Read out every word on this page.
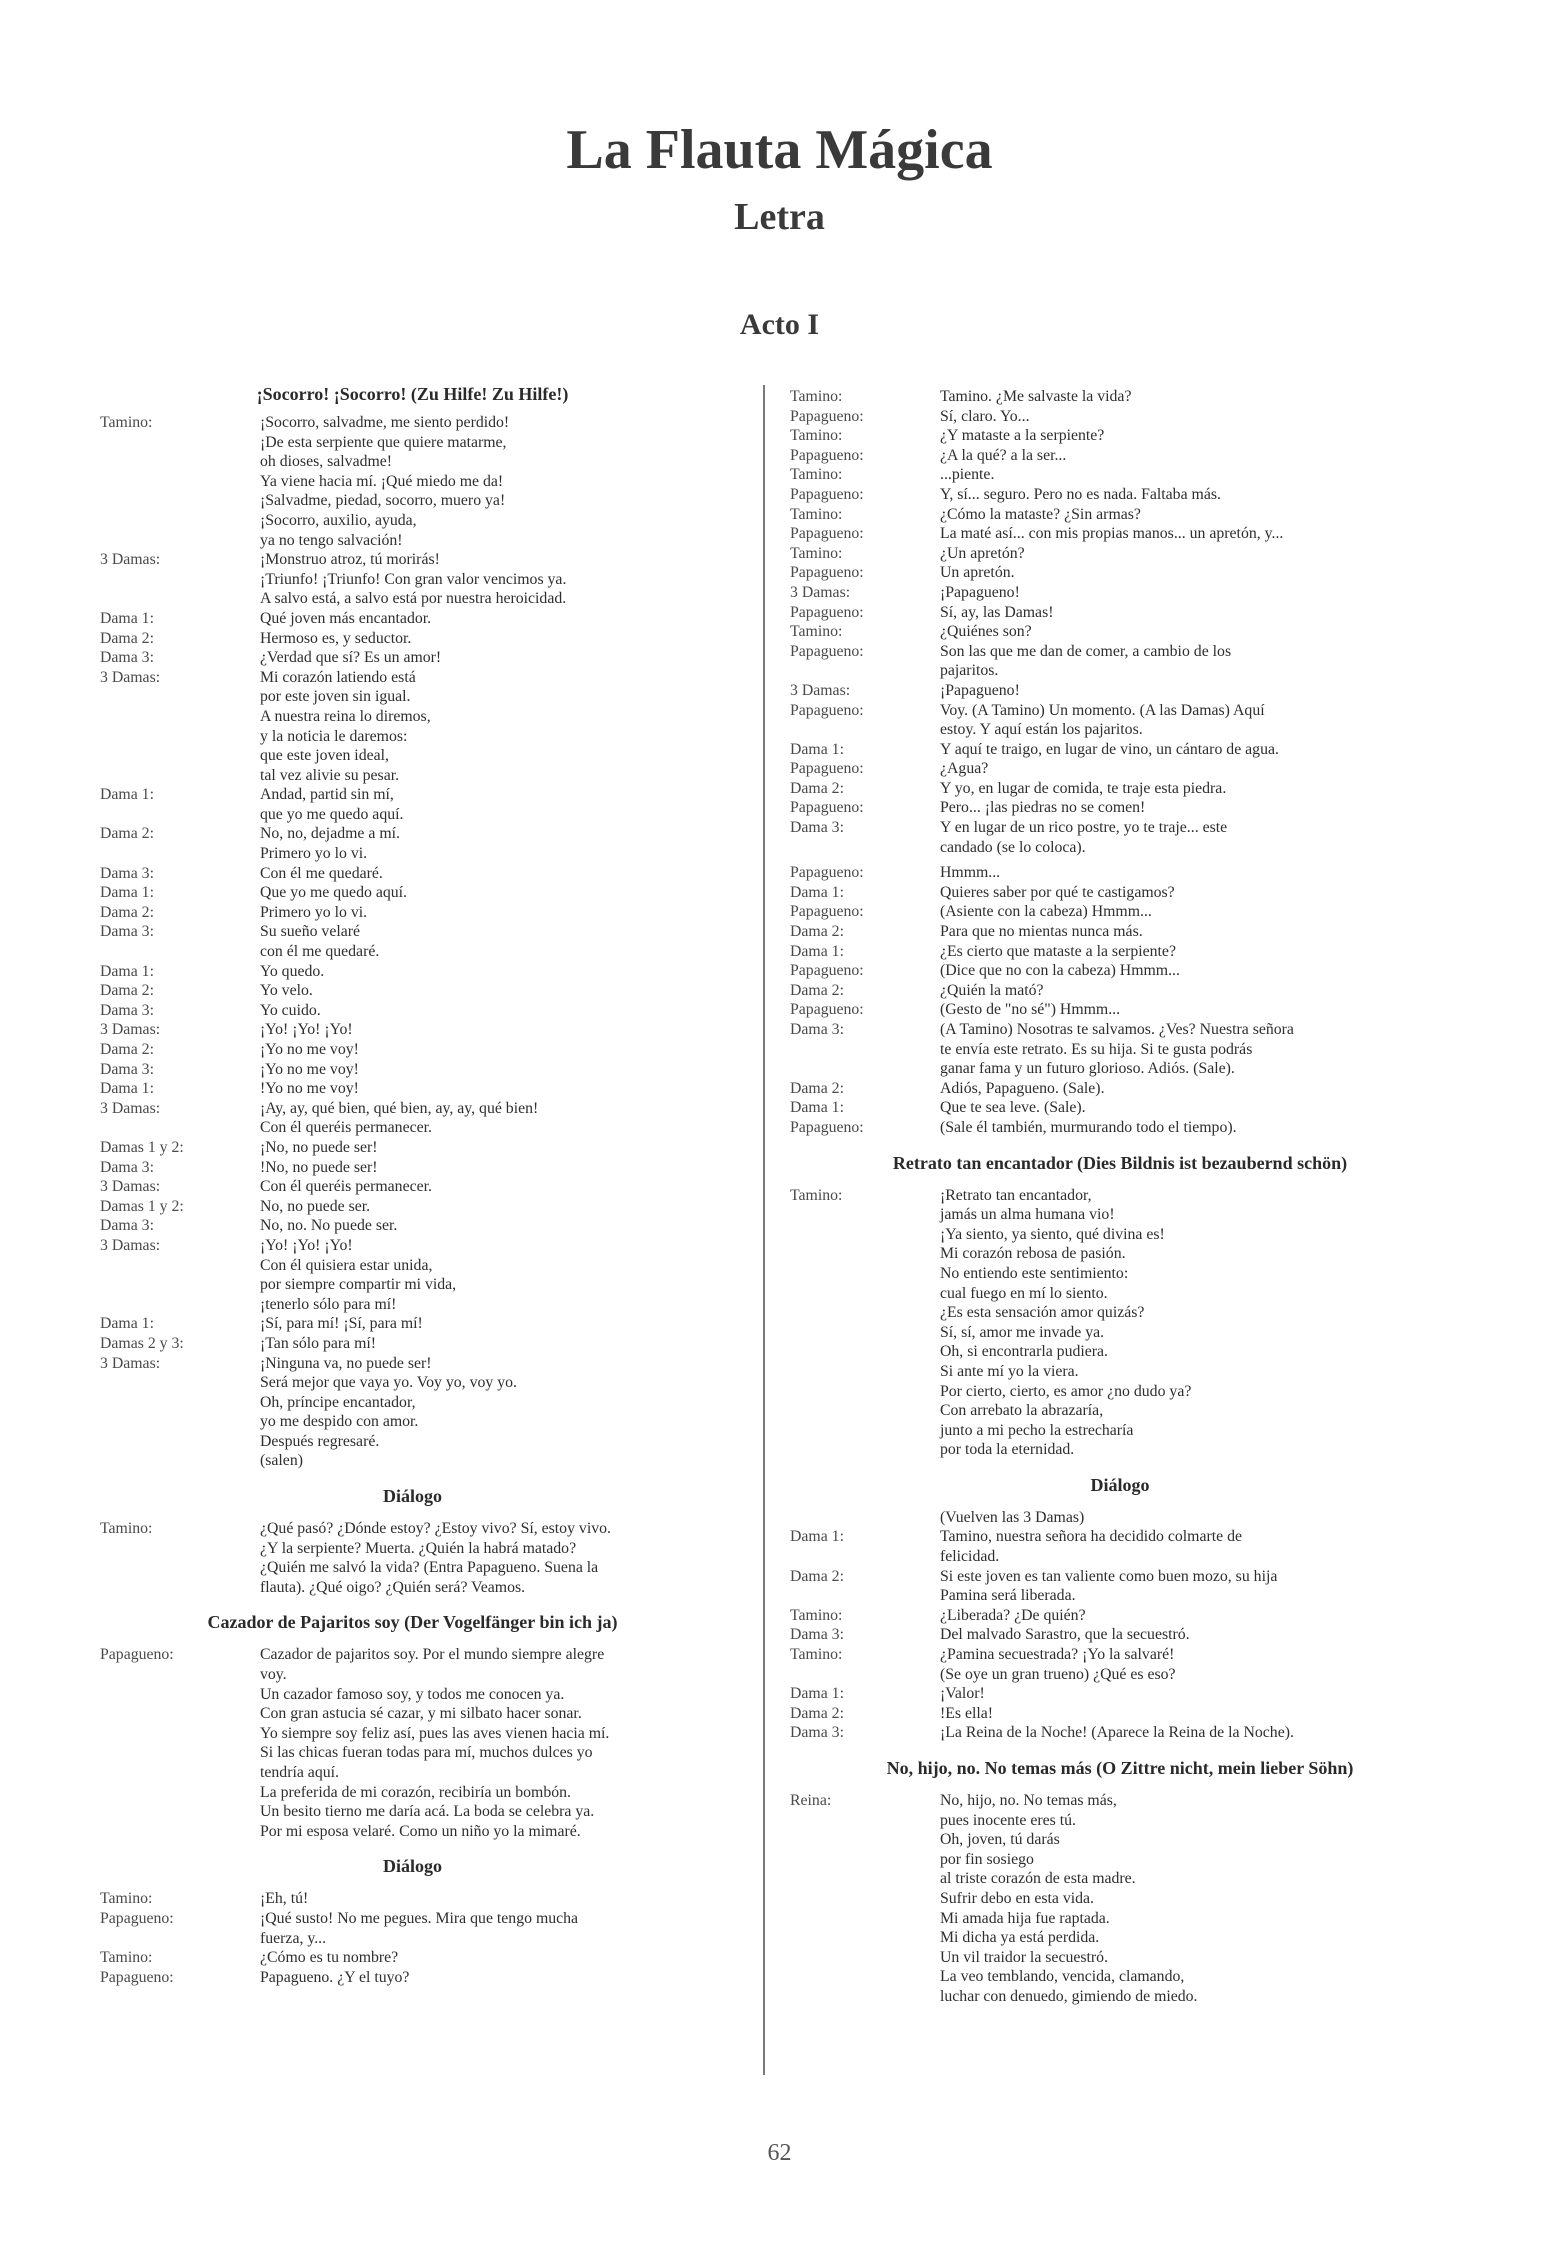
La Flauta Mágica
Letra
Acto I
¡Socorro! ¡Socorro! (Zu Hilfe! Zu Hilfe!)
Tamino:	¡Socorro, salvadme, me siento perdido!
¡De esta serpiente que quiere matarme,
oh dioses, salvadme!
Ya viene hacia mí. ¡Qué miedo me da!
¡Salvadme, piedad, socorro, muero ya!
¡Socorro, auxilio, ayuda,
ya no tengo salvación!
3 Damas:	¡Monstruo atroz, tú morirás!
¡Triunfo! ¡Triunfo! Con gran valor vencimos ya.
A salvo está, a salvo está por nuestra heroicidad.
Dama 1:	Qué joven más encantador.
Dama 2:	Hermoso es, y seductor.
Dama 3:	¿Verdad que sí? Es un amor!
3 Damas:	Mi corazón latiendo está
por este joven sin igual.
A nuestra reina lo diremos,
y la noticia le daremos:
que este joven ideal,
tal vez alivie su pesar.
Dama 1:	Andad, partid sin mí,
que yo me quedo aquí.
Dama 2:	No, no, dejadme a mí.
Primero yo lo vi.
Dama 3:	Con él me quedaré.
Dama 1:	Que yo me quedo aquí.
Dama 2:	Primero yo lo vi.
Dama 3:	Su sueño velaré
con él me quedaré.
Dama 1:	Yo quedo.
Dama 2:	Yo velo.
Dama 3:	Yo cuido.
3 Damas:	¡Yo! ¡Yo! ¡Yo!
Dama 2:	¡Yo no me voy!
Dama 3:	¡Yo no me voy!
Dama 1:	!Yo no me voy!
3 Damas:	¡Ay, ay, qué bien, qué bien, ay, ay, qué bien!
Con él queréis permanecer.
Damas 1 y 2:	¡No, no puede ser!
Dama 3:	!No, no puede ser!
3 Damas:	Con él queréis permanecer.
Damas 1 y 2:	No, no puede ser.
Dama 3:	No, no. No puede ser.
3 Damas:	¡Yo! ¡Yo! ¡Yo!
Con él quisiera estar unida,
por siempre compartir mi vida,
¡tenerlo sólo para mí!
Dama 1:	¡Sí, para mí! ¡Sí, para mí!
Damas 2 y 3:	¡Tan sólo para mí!
3 Damas:	¡Ninguna va, no puede ser!
Será mejor que vaya yo. Voy yo, voy yo.
Oh, príncipe encantador,
yo me despido con amor.
Después regresaré.
(salen)
Diálogo
Tamino:	¿Qué pasó? ¿Dónde estoy? ¿Estoy vivo? Sí, estoy vivo.
¿Y la serpiente? Muerta. ¿Quién la habrá matado?
¿Quién me salvó la vida? (Entra Papagueno. Suena la
flauta). ¿Qué oigo? ¿Quién será? Veamos.
Cazador de Pajaritos soy (Der Vogelfänger bin ich ja)
Papagueno:	Cazador de pajaritos soy. Por el mundo siempre alegre
voy.
Un cazador famoso soy, y todos me conocen ya.
Con gran astucia sé cazar, y mi silbato hacer sonar.
Yo siempre soy feliz así, pues las aves vienen hacia mí.
Si las chicas fueran todas para mí, muchos dulces yo
tendría aquí.
La preferida de mi corazón, recibiría un bombón.
Un besito tierno me daría acá. La boda se celebra ya.
Por mi esposa velaré. Como un niño yo la mimaré.
Diálogo
Tamino:	¡Eh, tú!
Papagueno:	¡Qué susto! No me pegues. Mira que tengo mucha
fuerza, y...
Tamino:	¿Cómo es tu nombre?
Papagueno:	Papagueno. ¿Y el tuyo?
Tamino:	Tamino. ¿Me salvaste la vida?
Papagueno:	Sí, claro. Yo...
Tamino:	¿Y mataste a la serpiente?
Papagueno:	¿A la qué? a la ser...
Tamino:	...piente.
Papagueno:	Y, sí... seguro. Pero no es nada. Faltaba más.
Tamino:	¿Cómo la mataste? ¿Sin armas?
Papagueno:	La maté así... con mis propias manos... un apretón, y...
Tamino:	¿Un apretón?
Papagueno:	Un apretón.
3 Damas:	¡Papagueno!
Papagueno:	Sí, ay, las Damas!
Tamino:	¿Quiénes son?
Papagueno:	Son las que me dan de comer, a cambio de los
pajaritos.
3 Damas:	¡Papagueno!
Papagueno:	Voy. (A Tamino) Un momento. (A las Damas) Aquí
estoy. Y aquí están los pajaritos.
Dama 1:	Y aquí te traigo, en lugar de vino, un cántaro de agua.
Papagueno:	¿Agua?
Dama 2:	Y yo, en lugar de comida, te traje esta piedra.
Papagueno:	Pero... ¡las piedras no se comen!
Dama 3:	Y en lugar de un rico postre, yo te traje... este
candado (se lo coloca).
Papagueno:	Hmmm...
Dama 1:	Quieres saber por qué te castigamos?
Papagueno:	(Asiente con la cabeza) Hmmm...
Dama 2:	Para que no mientas nunca más.
Dama 1:	¿Es cierto que mataste a la serpiente?
Papagueno:	(Dice que no con la cabeza) Hmmm...
Dama 2:	¿Quién la mató?
Papagueno:	(Gesto de "no sé") Hmmm...
Dama 3:	(A Tamino) Nosotras te salvamos. ¿Ves? Nuestra señora
te envía este retrato. Es su hija. Si te gusta podrás
ganar fama y un futuro glorioso. Adiós. (Sale).
Dama 2:	Adiós, Papagueno. (Sale).
Dama 1:	Que te sea leve. (Sale).
Papagueno:	(Sale él también, murmurando todo el tiempo).
Retrato tan encantador (Dies Bildnis ist bezaubernd schön)
Tamino:	¡Retrato tan encantador,
jamás un alma humana vio!
¡Ya siento, ya siento, qué divina es!
Mi corazón rebosa de pasión.
No entiendo este sentimiento:
cual fuego en mí lo siento.
¿Es esta sensación amor quizás?
Sí, sí, amor me invade ya.
Oh, si encontrarla pudiera.
Si ante mí yo la viera.
Por cierto, cierto, es amor ¿no dudo ya?
Con arrebato la abrazaría,
junto a mi pecho la estrecharía
por toda la eternidad.
Diálogo
(Vuelven las 3 Damas)
Dama 1:	Tamino, nuestra señora ha decidido colmarte de
felicidad.
Dama 2:	Si este joven es tan valiente como buen mozo, su hija
Pamina será liberada.
Tamino:	¿Liberada? ¿De quién?
Dama 3:	Del malvado Sarastro, que la secuestró.
Tamino:	¿Pamina secuestrada? ¡Yo la salvaré!
(Se oye un gran trueno) ¿Qué es eso?
Dama 1:	¡Valor!
Dama 2:	!Es ella!
Dama 3:	¡La Reina de la Noche! (Aparece la Reina de la Noche).
No, hijo, no. No temas más (O Zittre nicht, mein lieber Söhn)
Reina:	No, hijo, no. No temas más,
pues inocente eres tú.
Oh, joven, tú darás
por fin sosiego
al triste corazón de esta madre.
Sufrir debo en esta vida.
Mi amada hija fue raptada.
Mi dicha ya está perdida.
Un vil traidor la secuestró.
La veo temblando, vencida, clamando,
luchar con denuedo, gimiendo de miedo.
62
